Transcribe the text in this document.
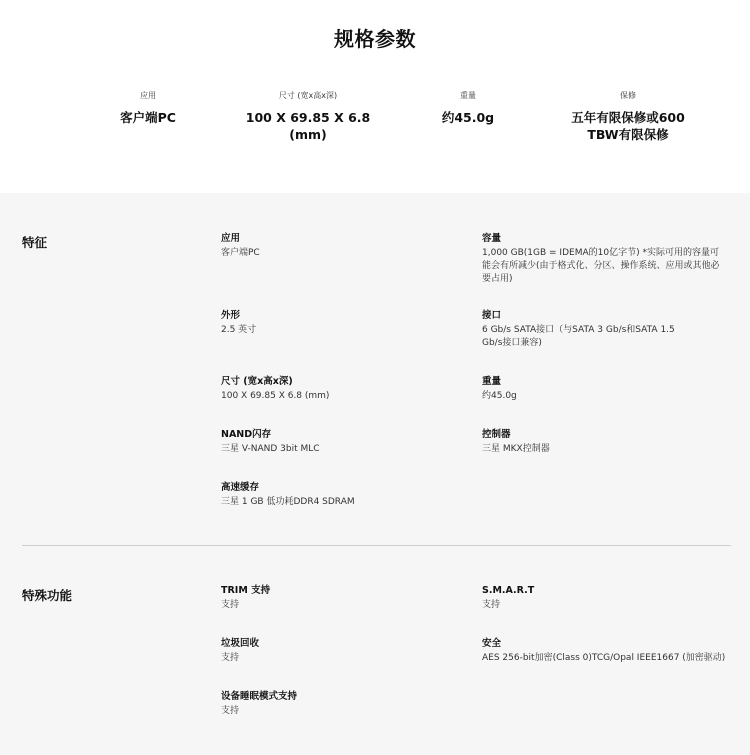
规格参数
应用
客户端PC
尺寸 (宽x高x深)
100 X 69.85 X 6.8 (mm)
重量
约45.0g
保修
五年有限保修或600 TBW有限保修
特征	应用
客户端PC
外形
2.5 英寸
尺寸 (宽x高x深)
100 X 69.85 X 6.8 (mm)
NAND闪存
三星 V-NAND 3bit MLC
高速缓存
三星 1 GB 低功耗DDR4 SDRAM
容量
1,000 GB(1GB = IDEMA的10亿字节) *实际可用的容量可能会有所减少(由于格式化、分区、操作系统、应用或其他必要占用)
接口
6 Gb/s SATA接口（与SATA 3 Gb/s和SATA 1.5 Gb/s接口兼容)
重量
约45.0g
控制器
三星 MKX控制器
特殊功能	TRIM 支持
支持
垃圾回收
支持
设备睡眠模式支持
支持
S.M.A.R.T
支持
安全
AES 256-bit加密(Class 0)TCG/Opal IEEE1667 (加密驱动)
